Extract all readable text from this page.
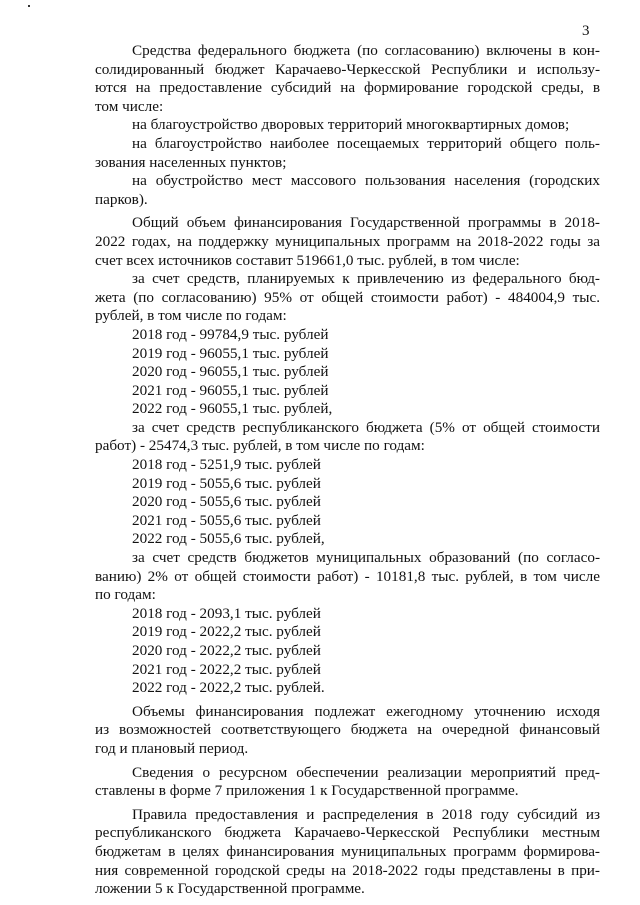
3
Средства федерального бюджета (по согласованию) включены в кон-
солидированный бюджет Карачаево-Черкесской Республики и использу-
ются на предоставление субсидий на формирование городской среды, в
том числе:
на благоустройство дворовых территорий многоквартирных домов;
на благоустройство наиболее посещаемых территорий общего поль-
зования населенных пунктов;
на обустройство мест массового пользования населения (городских
парков).
Общий объем финансирования Государственной программы в 2018-
2022 годах, на поддержку муниципальных программ на 2018-2022 годы за
счет всех источников составит 519661,0 тыс. рублей, в том числе:
за счет средств, планируемых к привлечению из федерального бюд-
жета (по согласованию) 95% от общей стоимости работ) - 484004,9 тыс.
рублей, в том числе по годам:
2018 год - 99784,9 тыс. рублей
2019 год - 96055,1 тыс. рублей
2020 год - 96055,1 тыс. рублей
2021 год - 96055,1 тыс. рублей
2022 год - 96055,1 тыс. рублей,
за счет средств республиканского бюджета (5% от общей стоимости
работ) - 25474,3 тыс. рублей, в том числе по годам:
2018 год - 5251,9 тыс. рублей
2019 год - 5055,6 тыс. рублей
2020 год - 5055,6 тыс. рублей
2021 год - 5055,6 тыс. рублей
2022 год - 5055,6 тыс. рублей,
за счет средств бюджетов муниципальных образований (по согласо-
ванию) 2% от общей стоимости работ) - 10181,8 тыс. рублей, в том числе
по годам:
2018 год - 2093,1 тыс. рублей
2019 год - 2022,2 тыс. рублей
2020 год - 2022,2 тыс. рублей
2021 год - 2022,2 тыс. рублей
2022 год - 2022,2 тыс. рублей.
Объемы финансирования подлежат ежегодному уточнению исходя
из возможностей соответствующего бюджета на очередной финансовый
год и плановый период.
Сведения о ресурсном обеспечении реализации мероприятий пред-
ставлены в форме 7 приложения 1 к Государственной программе.
Правила предоставления и распределения в 2018 году субсидий из
республиканского бюджета Карачаево-Черкесской Республики местным
бюджетам в целях финансирования муниципальных программ формирова-
ния современной городской среды на 2018-2022 годы представлены в при-
ложении 5 к Государственной программе.
